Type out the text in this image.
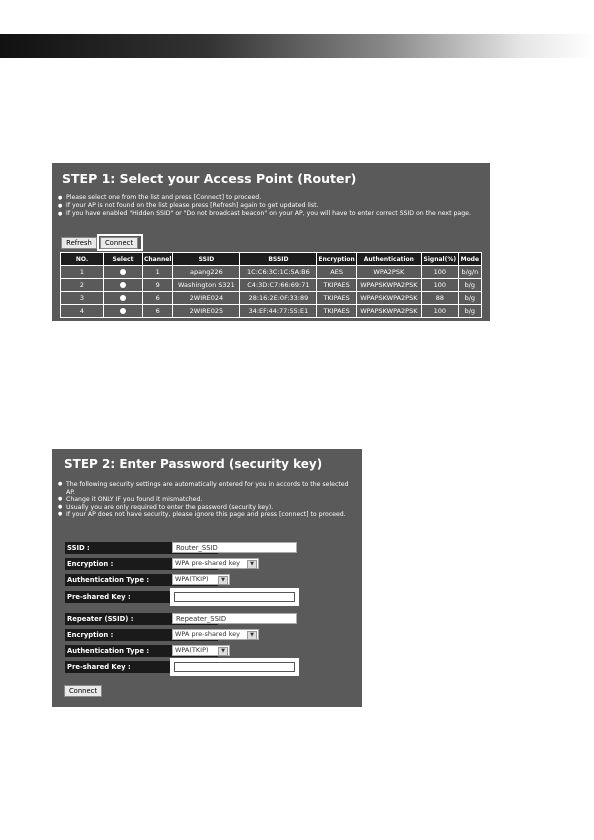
STEP 1: Select your Access Point (Router)
● Please select one from the list and press [Connect] to proceed.
● If your AP is not found on the list please press [Refresh] again to get updated list.
● If you have enabled "Hidden SSID" or "Do not broadcast beacon" on your AP, you will have to enter correct SSID on the next page.
Refresh	Connect
NO.	Select	Channel	SSID	BSSID	Encryption	Authentication	Signal(%)	Mode
1		1	apang226	1C:C6:3C:1C:5A:B6	AES	WPA2PSK	100	b/g/n
2		9	Washington S321	C4:3D:C7:66:69:71	TKIPAES	WPAPSKWPA2PSK	100	b/g
3		6	2WIRE024	28:16:2E:0F:33:89	TKIPAES	WPAPSKWPA2PSK	88	b/g
4		6	2WIRE025	34:EF:44:77:55:E1	TKIPAES	WPAPSKWPA2PSK	100	b/g
STEP 2: Enter Password (security key)
● The following security settings are automatically entered for you in accords to the selected AP.
● Change it ONLY IF you found it mismatched.
● Usually you are only required to enter the password (security key).
● If your AP does not have security, please ignore this page and press [connect] to proceed.
SSID :	Router_SSID
Encryption :	WPA pre-shared key	▼
Authentication Type :	WPA(TKIP)	▼
Pre-shared Key :
Repeater (SSID) :	Repeater_SSID
Encryption :	WPA pre-shared key	▼
Authentication Type :	WPA(TKIP)	▼
Pre-shared Key :
Connect
